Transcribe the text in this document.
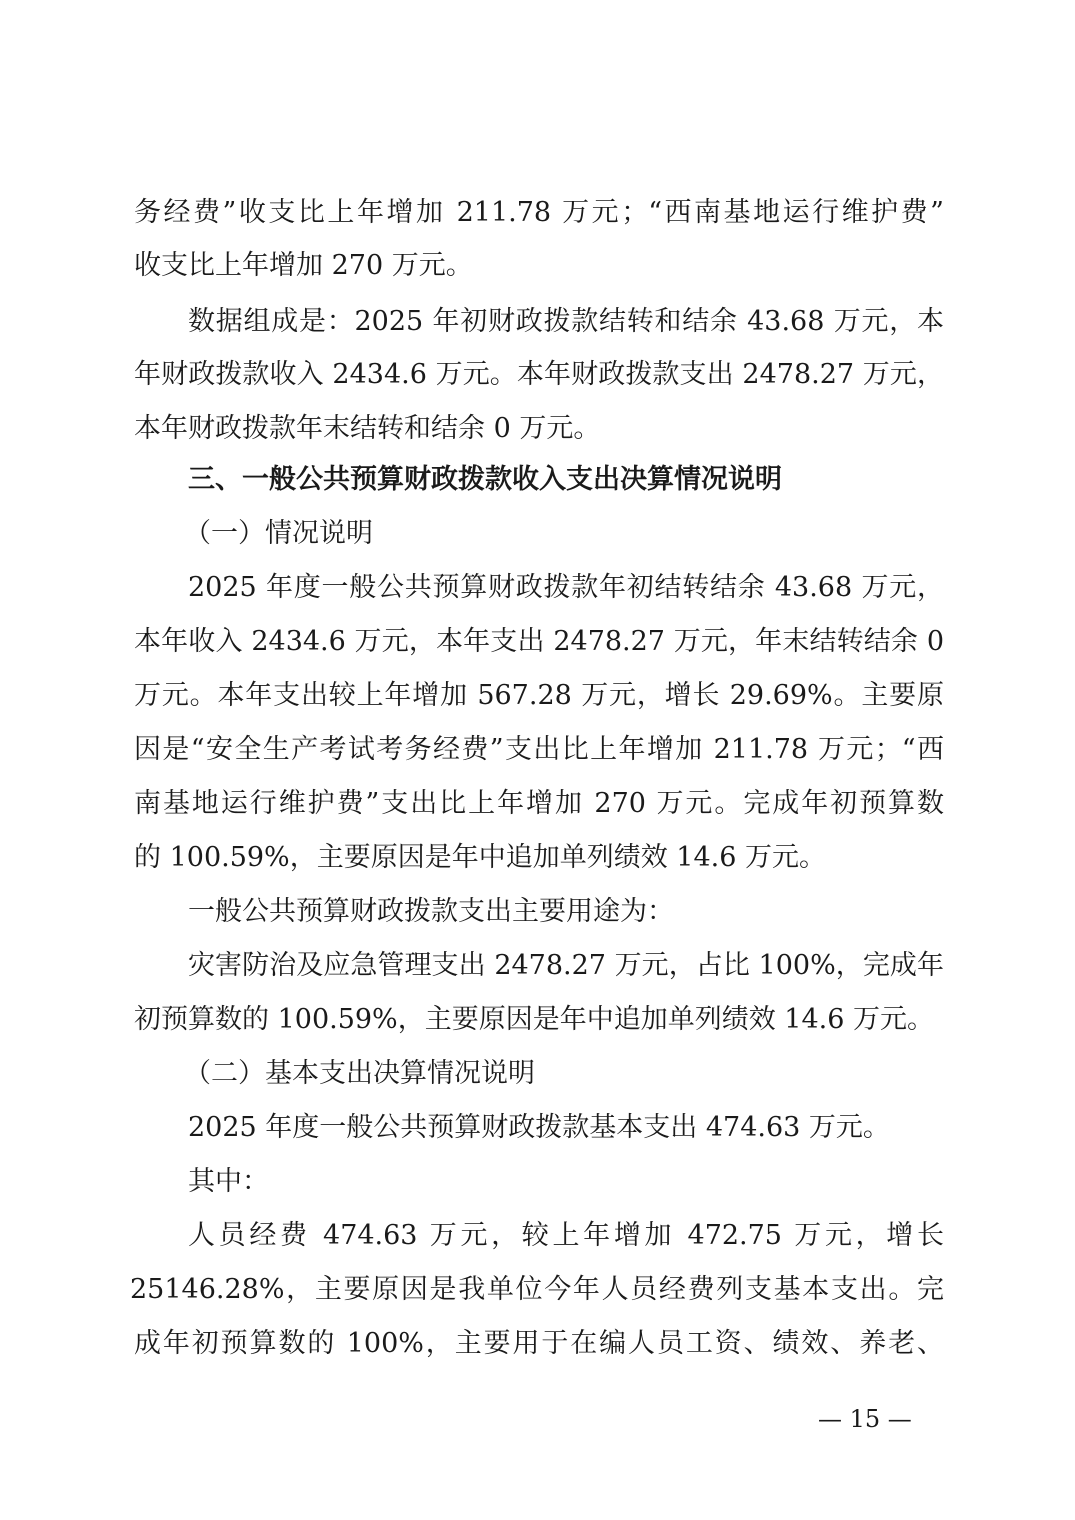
务经费”收支比上年增加 211.78 万元；“西南基地运行维护费”
收支比上年增加 270 万元。
数据组成是：2025 年初财政拨款结转和结余 43.68 万元，本
年财政拨款收入 2434.6 万元。本年财政拨款支出 2478.27 万元，
本年财政拨款年末结转和结余 0 万元。
三、一般公共预算财政拨款收入支出决算情况说明
（一）情况说明
2025 年度一般公共预算财政拨款年初结转结余 43.68 万元，
本年收入 2434.6 万元，本年支出 2478.27 万元，年末结转结余 0
万元。本年支出较上年增加 567.28 万元，增长 29.69%。主要原
因是“安全生产考试考务经费”支出比上年增加 211.78 万元；“西
南基地运行维护费”支出比上年增加 270 万元。完成年初预算数
的 100.59%，主要原因是年中追加单列绩效 14.6 万元。
一般公共预算财政拨款支出主要用途为：
灾害防治及应急管理支出 2478.27 万元，占比 100%，完成年
初预算数的 100.59%，主要原因是年中追加单列绩效 14.6 万元。
（二）基本支出决算情况说明
2025 年度一般公共预算财政拨款基本支出 474.63 万元。
其中：
人员经费 474.63 万元，较上年增加 472.75 万元，增长
25146.28%，主要原因是我单位今年人员经费列支基本支出。完
成年初预算数的 100%，主要用于在编人员工资、绩效、养老、
— 15 —
